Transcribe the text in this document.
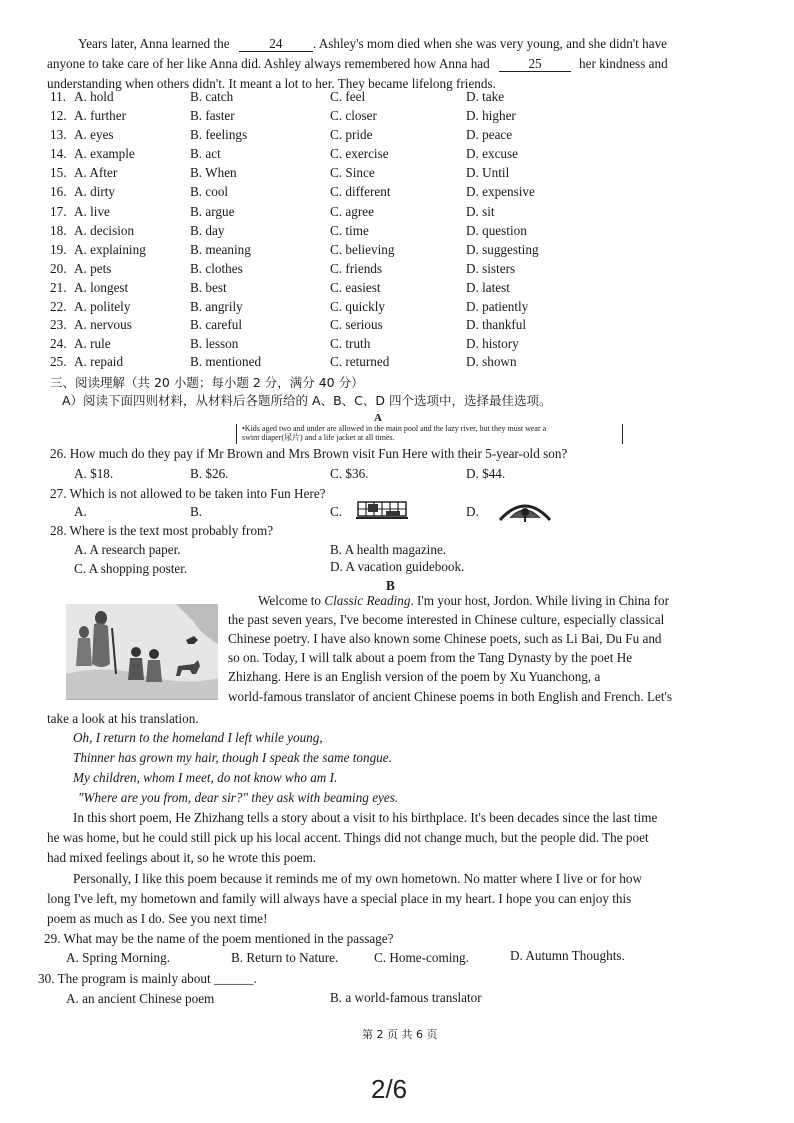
Years later, Anna learned the	24 . Ashley's mom died when she was very young, and she didn't have
anyone to take care of her like Anna did. Ashley always remembered how Anna had	25	her kindness and
understanding when others didn't. It meant a lot to her. They became lifelong friends.
11. A. hold	B. catch	C. feel	D. take
12. A. further	B. faster	C. closer	D. higher
13. A. eyes	B. feelings	C. pride	D. peace
14. A. example	B. act	C. exercise	D. excuse
15. A. After	B. When	C. Since	D. Until
16. A. dirty	B. cool	C. different	D. expensive
17. A. live	B. argue	C. agree	D. sit
18. A. decision	B. day	C. time	D. question
19. A. explaining	B. meaning	C. believing	D. suggesting
20. A. pets	B. clothes	C. friends	D. sisters
21. A. longest	B. best	C. easiest	D. latest
22. A. politely	B. angrily	C. quickly	D. patiently
23. A. nervous	B. careful	C. serious	D. thankful
24. A. rule	B. lesson	C. truth	D. history
25. A. repaid	B. mentioned	C. returned	D. shown
三、阅读理解（共 20 小题；每小题 2 分，满分 40 分）
A）阅读下面四则材料，从材料后各题所给的 A、B、C、D 四个选项中，选择最佳选项。
A
•Kids aged two and under are allowed in the main pool and the lazy river, but they must wear a
swim diaper(尿片) and a life jacket at all times.
26. How much do they pay if Mr Brown and Mrs Brown visit Fun Here with their 5-year-old son?
A. $18.	B. $26.	C. $36.	D. $44.
27. Which is not allowed to be taken into Fun Here?
A.	B.	C.	D.
28. Where is the text most probably from?
A. A research paper.	B. A health magazine.
C. A shopping poster.	D. A vacation guidebook.
B
Welcome to Classic Reading. I'm your host, Jordon. While living in China for
the past seven years, I've become interested in Chinese culture, especially classical
Chinese poetry. I have also known some Chinese poets, such as Li Bai, Du Fu and
so on. Today, I will talk about a poem from the Tang Dynasty by the poet He
Zhizhang. Here is an English version of the poem by Xu Yuanchong, a
world-famous translator of ancient Chinese poems in both English and French. Let's
take a look at his translation.
Oh, I return to the homeland I left while young,
Thinner has grown my hair, though I speak the same tongue.
My children, whom I meet, do not know who am I.
"Where are you from, dear sir?" they ask with beaming eyes.
In this short poem, He Zhizhang tells a story about a visit to his birthplace. It's been decades since the last time
he was home, but he could still pick up his local accent. Things did not change much, but the people did. The poet
had mixed feelings about it, so he wrote this poem.
Personally, I like this poem because it reminds me of my own hometown. No matter where I live or for how
long I've left, my hometown and family will always have a special place in my heart. I hope you can enjoy this
poem as much as I do. See you next time!
29. What may be the name of the poem mentioned in the passage?
A. Spring Morning.	B. Return to Nature.	C. Home-coming.	D. Autumn Thoughts.
30. The program is mainly about ______.
A. an ancient Chinese poem	B. a world-famous translator
第 2 页 共 6 页
2/6
